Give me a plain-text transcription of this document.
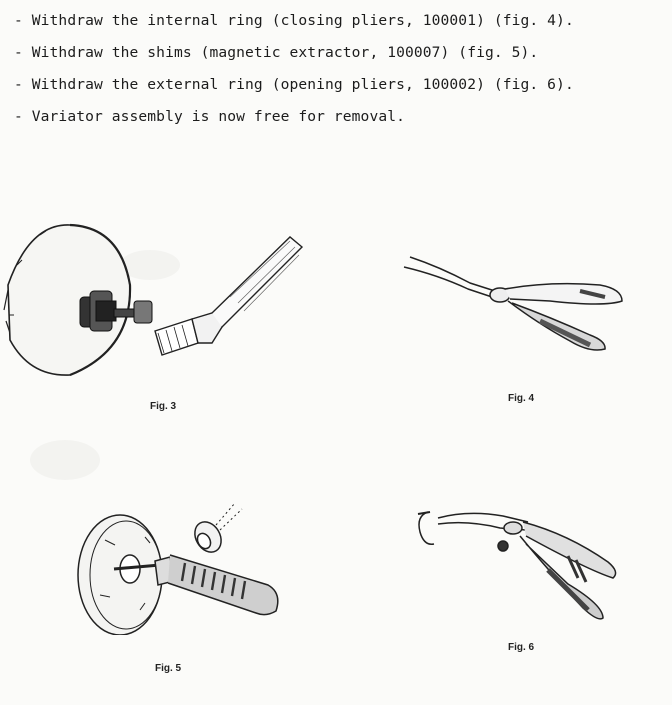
- Withdraw the internal ring (closing pliers, 100001) (fig. 4).
- Withdraw the shims (magnetic extractor, 100007) (fig. 5).
- Withdraw the external ring (opening pliers, 100002) (fig. 6).
- Variator assembly is now free for removal.
Fig. 3
Fig. 4
Fig. 5
Fig. 6
